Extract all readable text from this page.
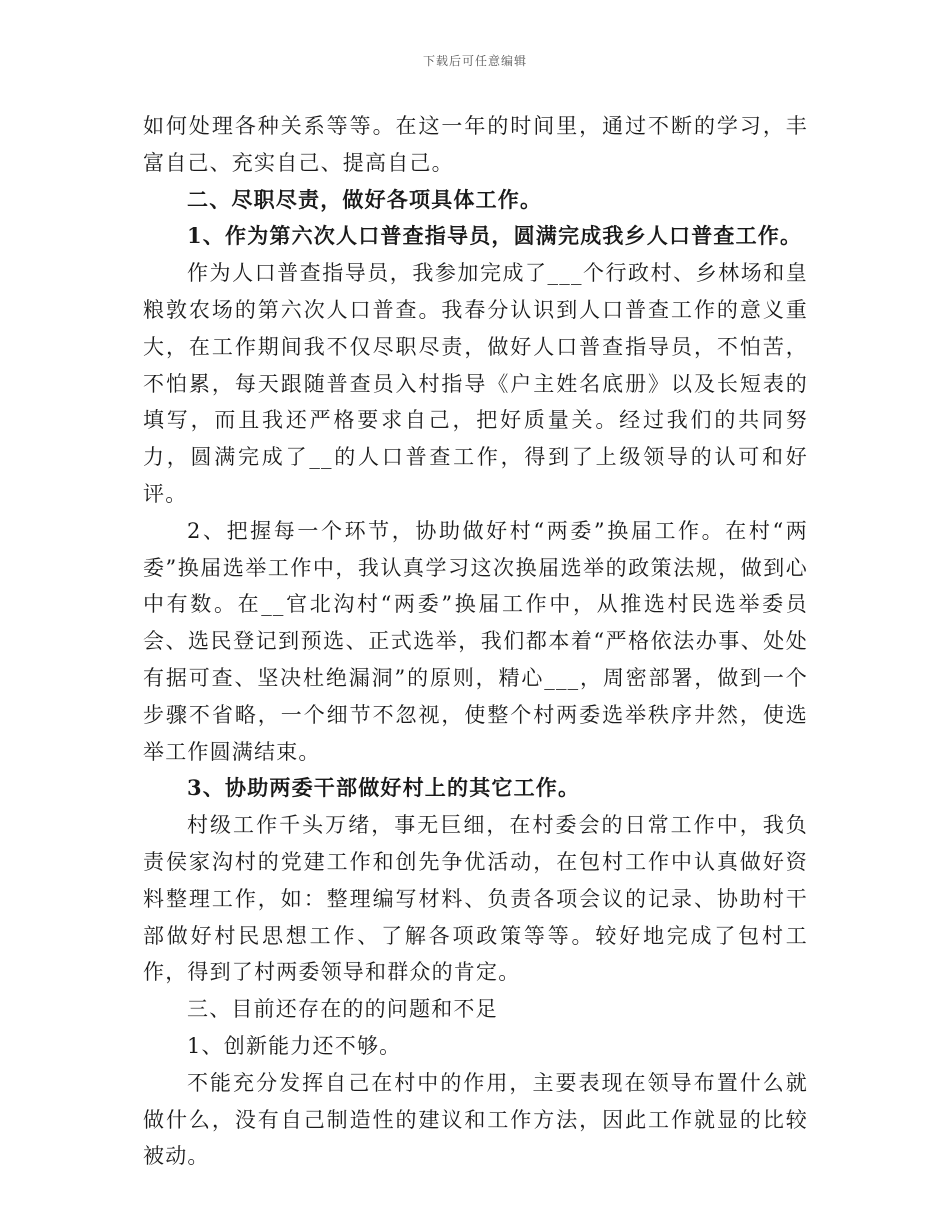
下载后可任意编辑

如何处理各种关系等等。在这一年的时间里，通过不断的学习，丰富自己、充实自己、提高自己。

二、尽职尽责，做好各项具体工作。

1、作为第六次人口普查指导员，圆满完成我乡人口普查工作。

作为人口普查指导员，我参加完成了___个行政村、乡林场和皇粮敦农场的第六次人口普查。我春分认识到人口普查工作的意义重大，在工作期间我不仅尽职尽责，做好人口普查指导员，不怕苦，不怕累，每天跟随普查员入村指导《户主姓名底册》以及长短表的填写，而且我还严格要求自己，把好质量关。经过我们的共同努力，圆满完成了__的人口普查工作，得到了上级领导的认可和好评。

2、把握每一个环节，协助做好村“两委”换届工作。在村“两委”换届选举工作中，我认真学习这次换届选举的政策法规，做到心中有数。在__官北沟村“两委”换届工作中，从推选村民选举委员会、选民登记到预选、正式选举，我们都本着“严格依法办事、处处有据可查、坚决杜绝漏洞”的原则，精心___，周密部署，做到一个步骤不省略，一个细节不忽视，使整个村两委选举秩序井然，使选举工作圆满结束。

3、协助两委干部做好村上的其它工作。

村级工作千头万绪，事无巨细，在村委会的日常工作中，我负责侯家沟村的党建工作和创先争优活动，在包村工作中认真做好资料整理工作，如：整理编写材料、负责各项会议的记录、协助村干部做好村民思想工作、了解各项政策等等。较好地完成了包村工作，得到了村两委领导和群众的肯定。

三、目前还存在的的问题和不足

1、创新能力还不够。

不能充分发挥自己在村中的作用，主要表现在领导布置什么就做什么，没有自己制造性的建议和工作方法，因此工作就显的比较被动。
